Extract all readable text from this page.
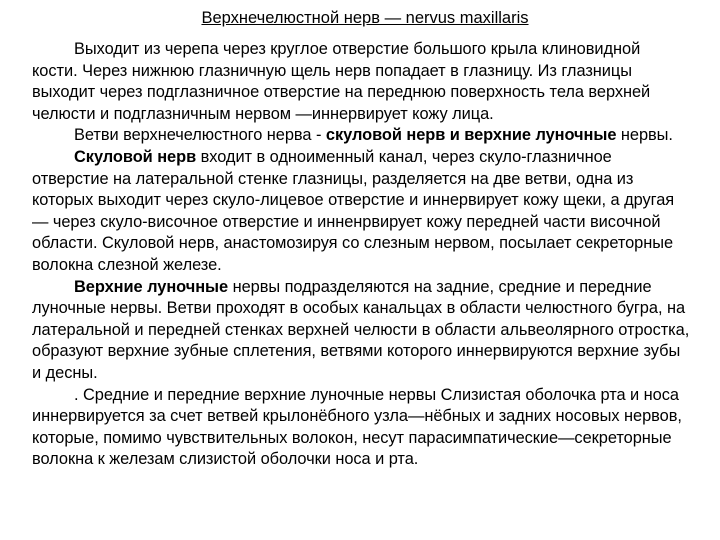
Верхнечелюстной нерв — nervus maxillaris

Выходит из черепа через круглое отверстие большого крыла клиновидной кости. Через нижнюю глазничную щель нерв попадает в глазницу. Из глазницы выходит через подглазничное отверстие на переднюю поверхность тела верхней челюсти и подглазничным нервом —иннервирует кожу лица.

Ветви верхнечелюстного нерва - скуловой нерв и верхние луночные нервы.

Скуловой нерв входит в одноименный канал, через скуло-глазничное отверстие на латеральной стенке глазницы, разделяется на две ветви, одна из которых выходит через скуло-лицевое отверстие и иннервирует кожу щеки, а другая — через скуло-височное отверстие и инненрвирует кожу передней части височной области. Скуловой нерв, анастомозируя со слезным нервом, посылает секреторные волокна слезной железе.

Верхние луночные нервы подразделяются на задние, средние и передние луночные нервы. Ветви проходят в особых канальцах в области челюстного бугра, на латеральной и передней стенках верхней челюсти в области альвеолярного отростка, образуют верхние зубные сплетения, ветвями которого иннервируются верхние зубы и десны.

. Средние и передние верхние луночные нервы Слизистая оболочка рта и носа иннервируется за счет ветвей крылонёбного узла—нёбных и задних носовых нервов, которые, помимо чувствительных волокон, несут парасимпатические—секреторные волокна к железам слизистой оболочки носа и рта.
